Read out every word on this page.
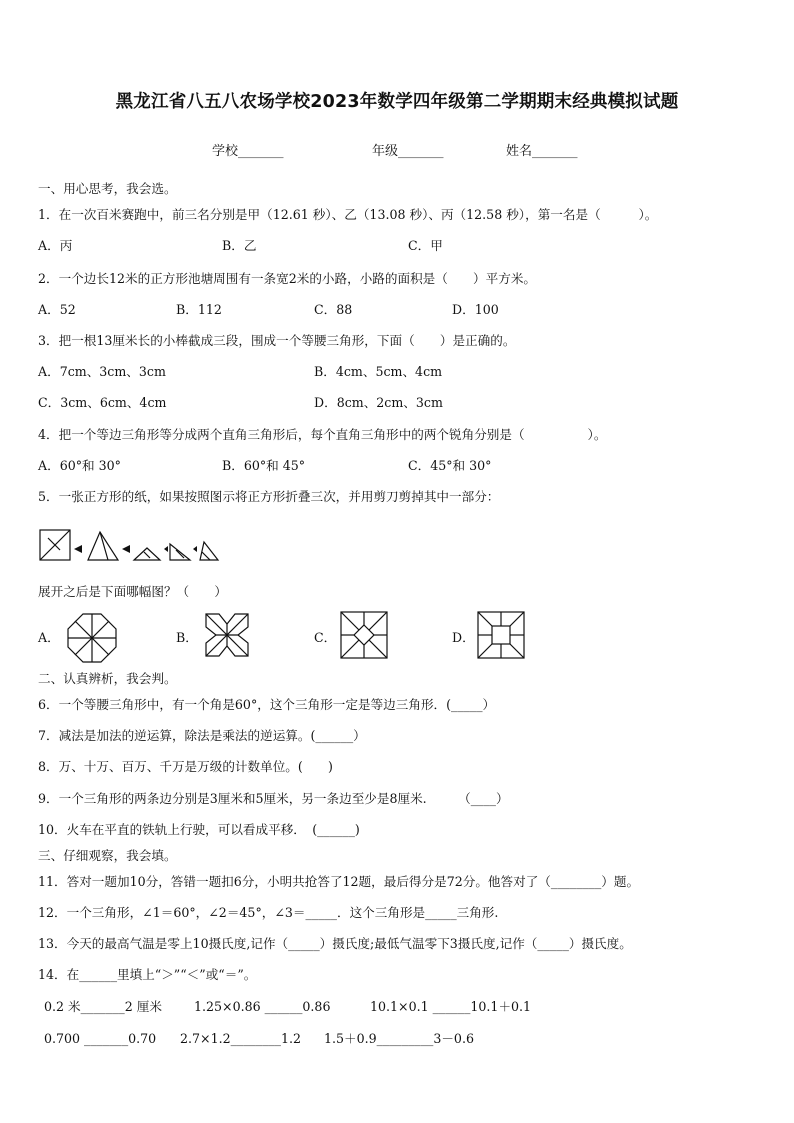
黑龙江省八五八农场学校2023年数学四年级第二学期期末经典模拟试题
学校_______	年级_______	姓名_______
一、用心思考，我会选。
1．在一次百米赛跑中，前三名分别是甲（12.61 秒）、乙（13.08 秒）、丙（12.58 秒），第一名是（　　　）。
A．丙	B．乙	C．甲
2．一个边长12米的正方形池塘周围有一条宽2米的小路，小路的面积是（　　）平方米。
A．52	B．112	C．88	D．100
3．把一根13厘米长的小棒截成三段，围成一个等腰三角形，下面（　　）是正确的。
A．7cm、3cm、3cm	B．4cm、5cm、4cm
C．3cm、6cm、4cm	D．8cm、2cm、3cm
4．把一个等边三角形等分成两个直角三角形后，每个直角三角形中的两个锐角分别是（　　　　　）。
A．60°和 30°	B．60°和 45°	C．45°和 30°
5．一张正方形的纸，如果按照图示将正方形折叠三次，并用剪刀剪掉其中一部分：
展开之后是下面哪幅图？（　　）
A．	B．	C．	D．
二、认真辨析，我会判。
6．一个等腰三角形中，有一个角是60°，这个三角形一定是等边三角形．(_____）
7．减法是加法的逆运算，除法是乘法的逆运算。(______）
8．万、十万、百万、千万是万级的计数单位。(　　)
9．一个三角形的两条边分别是3厘米和5厘米，另一条边至少是8厘米.　　　（____）
10．火车在平直的铁轨上行驶，可以看成平移．　(______)
三、仔细观察，我会填。
11．答对一题加10分，答错一题扣6分，小明共抢答了12题，最后得分是72分。他答对了（________）题。
12．一个三角形，∠1＝60°，∠2＝45°，∠3＝_____．这个三角形是_____三角形.
13．今天的最高气温是零上10摄氏度,记作（_____）摄氏度;最低气温零下3摄氏度,记作（_____）摄氏度。
14．在______里填上“＞”“＜”或“＝”。
0.2 米_______2 厘米	1.25×0.86 ______0.86	10.1×0.1 ______10.1＋0.1
0.700 _______0.70 2.7×1.2________1.2 1.5＋0.9_________3－0.6
